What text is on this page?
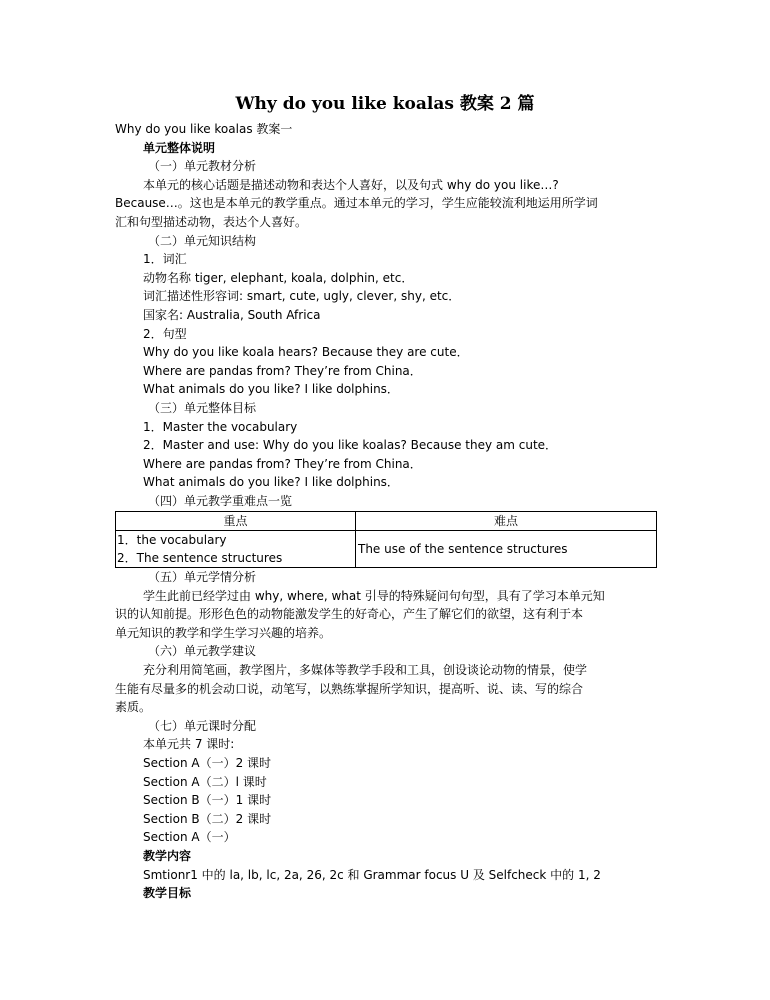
Why do you like koalas 教案 2 篇
Why do you like koalas 教案一
单元整体说明
（一）单元教材分析
本单元的核心话题是描述动物和表达个人喜好，以及句式 why do you like…?
Because…。这也是本单元的教学重点。通过本单元的学习，学生应能较流利地运用所学词
汇和句型描述动物，表达个人喜好。
（二）单元知识结构
1．词汇
动物名称 tiger, elephant, koala, dolphin, etc．
词汇描述性形容词: smart, cute, ugly, clever, shy, etc．
国家名: Australia, South Africa
2．句型
Why do you like koala hears? Because they are cute．
Where are pandas from? They’re from China．
What animals do you like? I like dolphins．
（三）单元整体目标
1．Master the vocabulary
2．Master and use: Why do you like koalas? Because they am cute．
Where are pandas from? They’re from China．
What animals do you like? I like dolphins．
（四）单元教学重难点一览
重点	难点

1．the vocabulary
2．The sentence structures	The use of the sentence structures
（五）单元学情分析
学生此前已经学过由 why, where, what 引导的特殊疑问句句型，具有了学习本单元知
识的认知前提。形形色色的动物能激发学生的好奇心，产生了解它们的欲望，这有利于本
单元知识的教学和学生学习兴趣的培养。
（六）单元教学建议
充分利用简笔画，教学图片，多媒体等教学手段和工具，创设谈论动物的情景，使学
生能有尽量多的机会动口说，动笔写，以熟练掌握所学知识，提高听、说、读、写的综合
素质。
（七）单元课时分配
本单元共 7 课时:
Section A（一）2 课时
Section A（二）l 课时
Section B（一）1 课时
Section B（二）2 课时
Section A（一）
教学内容
Smtionr1 中的 la, lb, lc, 2a, 26, 2c 和 Grammar focus U 及 Selfcheck 中的 1, 2
教学目标
